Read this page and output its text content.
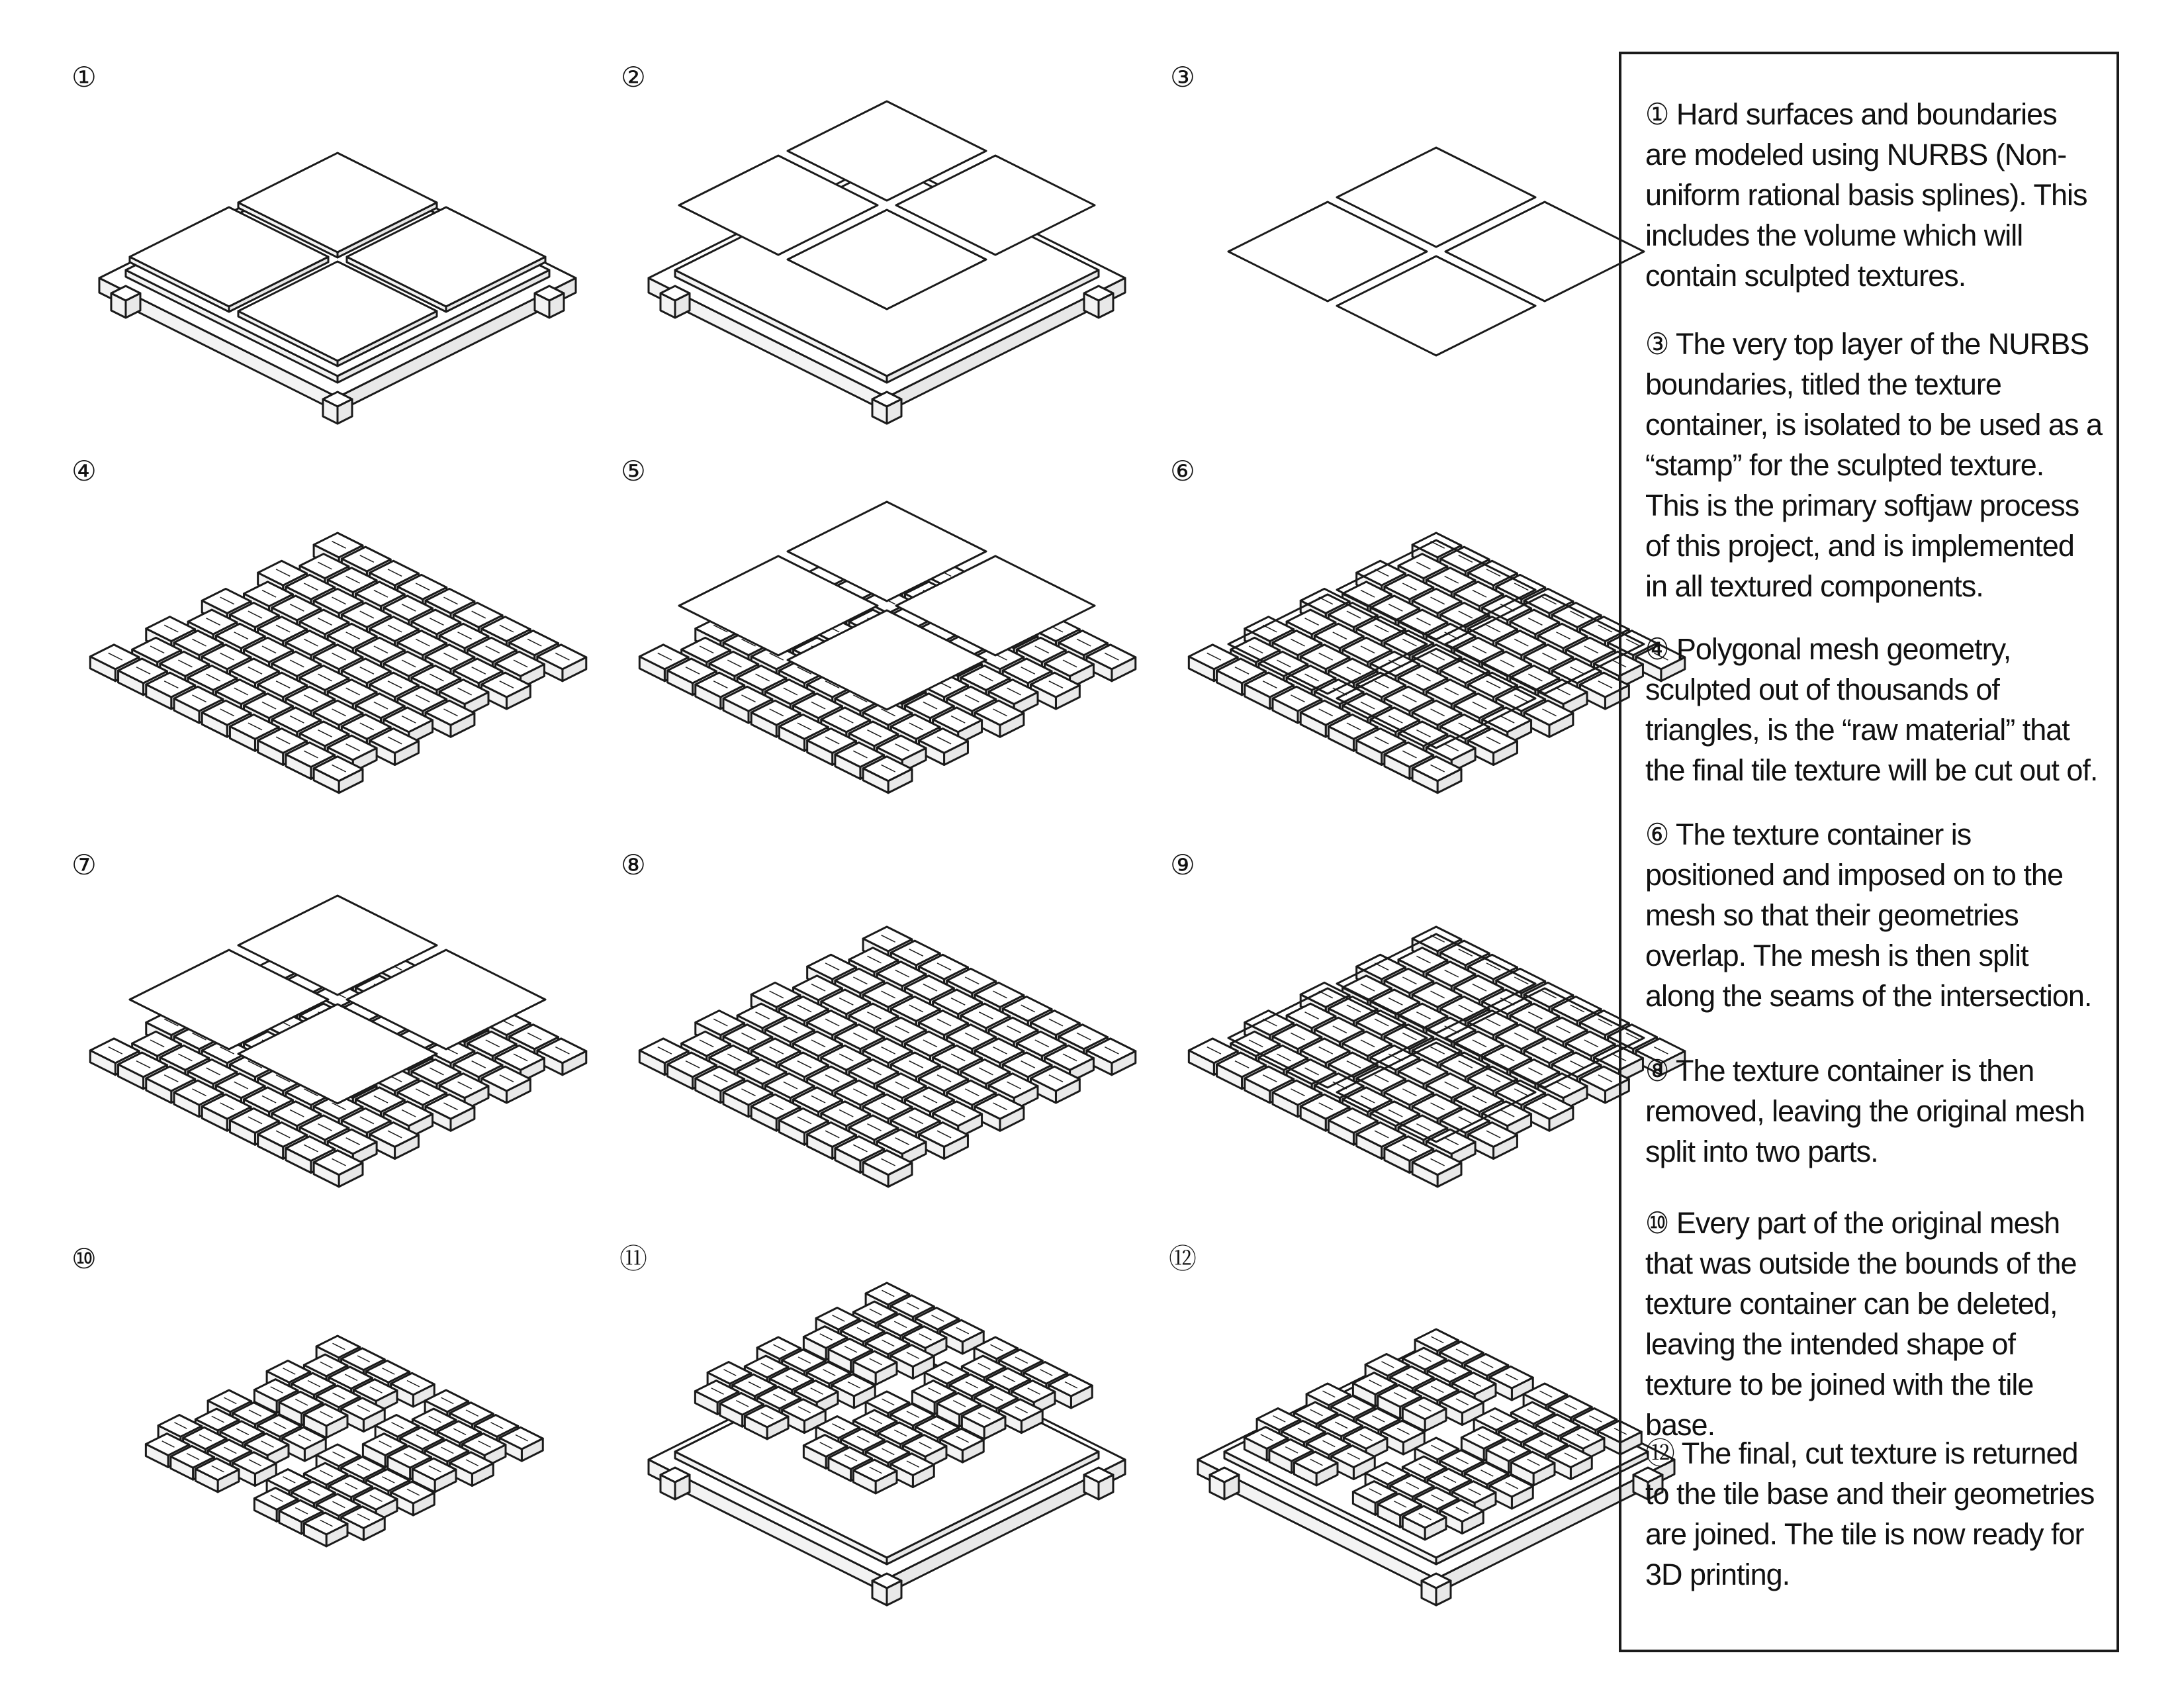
①	②	③
④	⑤	⑥
⑦	⑧	⑨
⑩	⑪	⑫
① Hard surfaces and boundaries are modeled using NURBS (Non-uniform rational basis splines). This includes the volume which will contain sculpted textures.
③ The very top layer of the NURBS boundaries, titled the texture container, is isolated to be used as a “stamp” for the sculpted texture. This is the primary softjaw process of this project, and is implemented in all textured components.
④ Polygonal mesh geometry, sculpted out of thousands of triangles, is the “raw material” that the final tile texture will be cut out of.
⑥ The texture container is positioned and imposed on to the mesh so that their geometries overlap. The mesh is then split along the seams of the intersection.
⑧ The texture container is then removed, leaving the original mesh split into two parts.
⑩ Every part of the original mesh that was outside the bounds of the texture container can be deleted, leaving the intended shape of texture to be joined with the tile base.
⑫ The final, cut texture is returned to the tile base and their geometries are joined. The tile is now ready for 3D printing.
